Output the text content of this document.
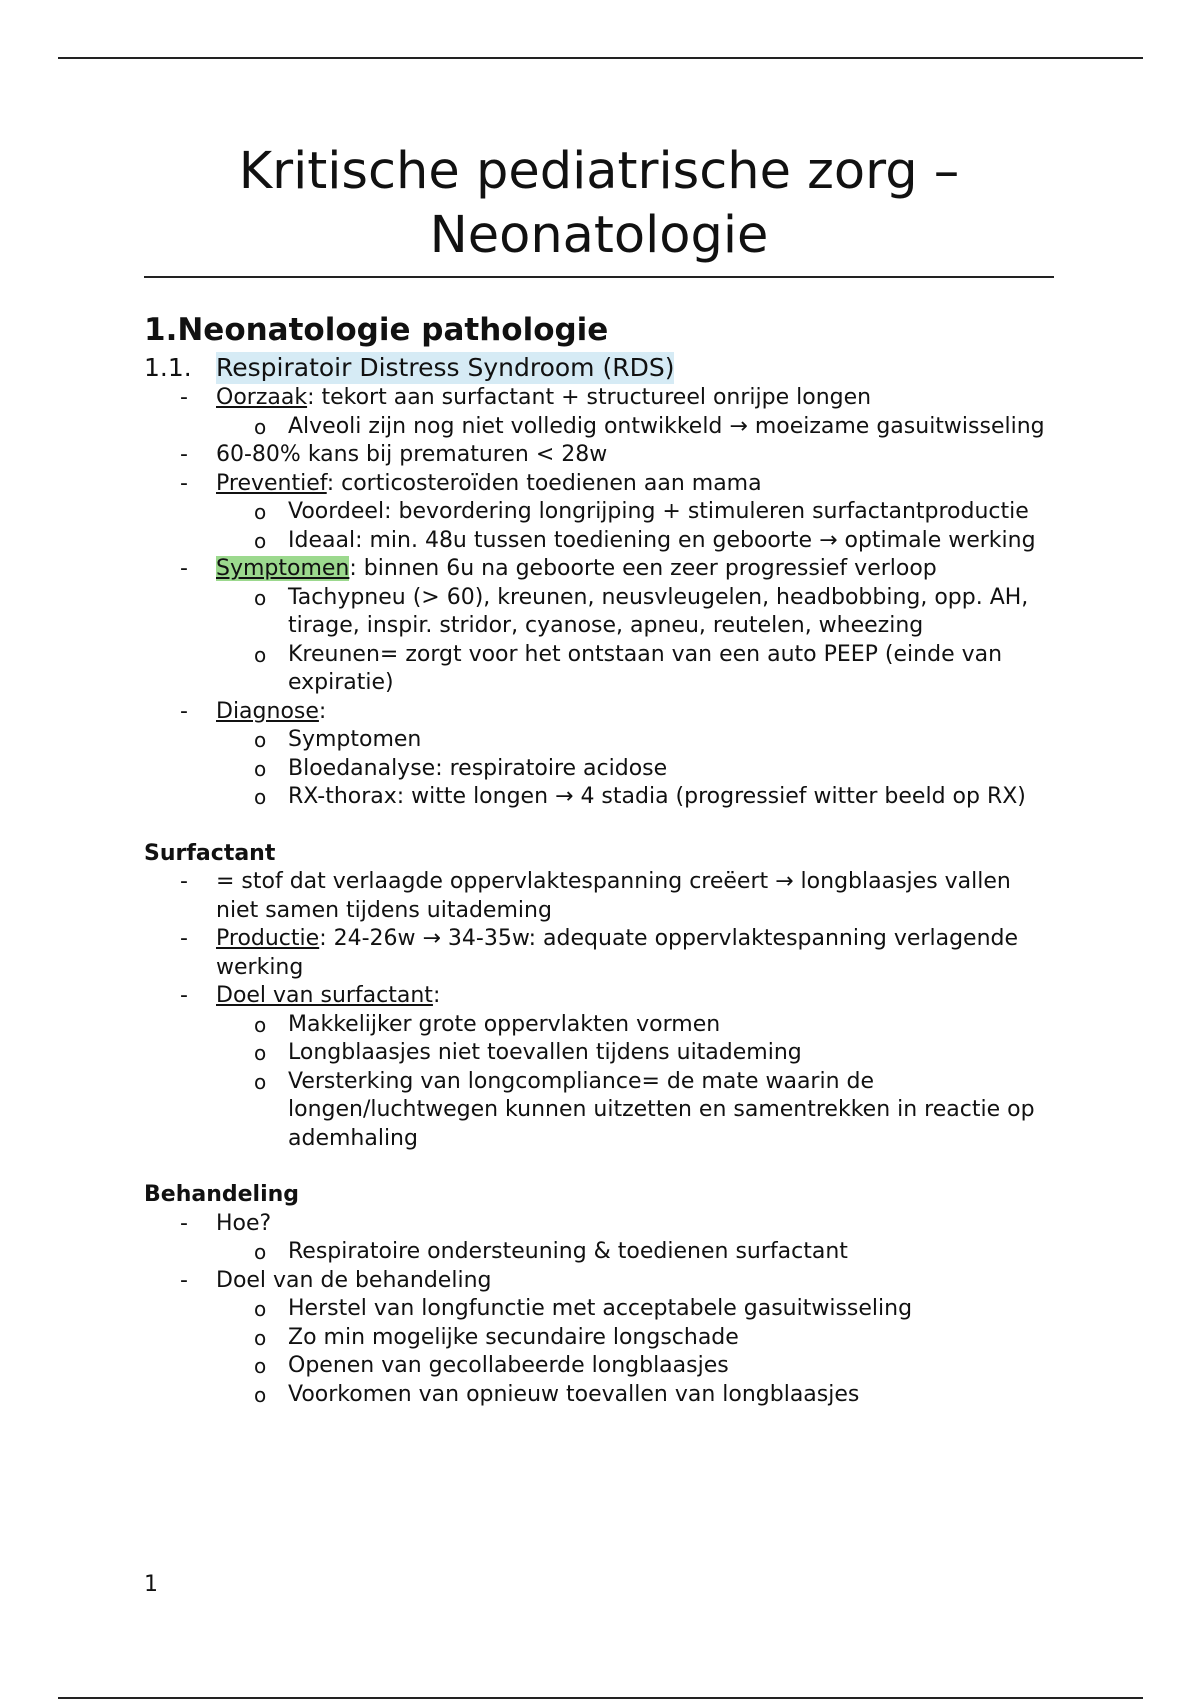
Kritische pediatrische zorg –
Neonatologie
1.Neonatologie pathologie
1.1. Respiratoir Distress Syndroom (RDS)
- Oorzaak: tekort aan surfactant + structureel onrijpe longen
o Alveoli zijn nog niet volledig ontwikkeld → moeizame gasuitwisseling
- 60-80% kans bij prematuren < 28w
- Preventief: corticosteroïden toedienen aan mama
o Voordeel: bevordering longrijping + stimuleren surfactantproductie
o Ideaal: min. 48u tussen toediening en geboorte → optimale werking
- Symptomen: binnen 6u na geboorte een zeer progressief verloop
o Tachypneu (> 60), kreunen, neusvleugelen, headbobbing, opp. AH, tirage, inspir. stridor, cyanose, apneu, reutelen, wheezing
o Kreunen= zorgt voor het ontstaan van een auto PEEP (einde van expiratie)
- Diagnose:
o Symptomen
o Bloedanalyse: respiratoire acidose
o RX-thorax: witte longen → 4 stadia (progressief witter beeld op RX)
Surfactant
- = stof dat verlaagde oppervlaktespanning creëert → longblaasjes vallen niet samen tijdens uitademing
- Productie: 24-26w → 34-35w: adequate oppervlaktespanning verlagende werking
- Doel van surfactant:
o Makkelijker grote oppervlakten vormen
o Longblaasjes niet toevallen tijdens uitademing
o Versterking van longcompliance= de mate waarin de longen/luchtwegen kunnen uitzetten en samentrekken in reactie op ademhaling
Behandeling
- Hoe?
o Respiratoire ondersteuning & toedienen surfactant
- Doel van de behandeling
o Herstel van longfunctie met acceptabele gasuitwisseling
o Zo min mogelijke secundaire longschade
o Openen van gecollabeerde longblaasjes
o Voorkomen van opnieuw toevallen van longblaasjes
1
